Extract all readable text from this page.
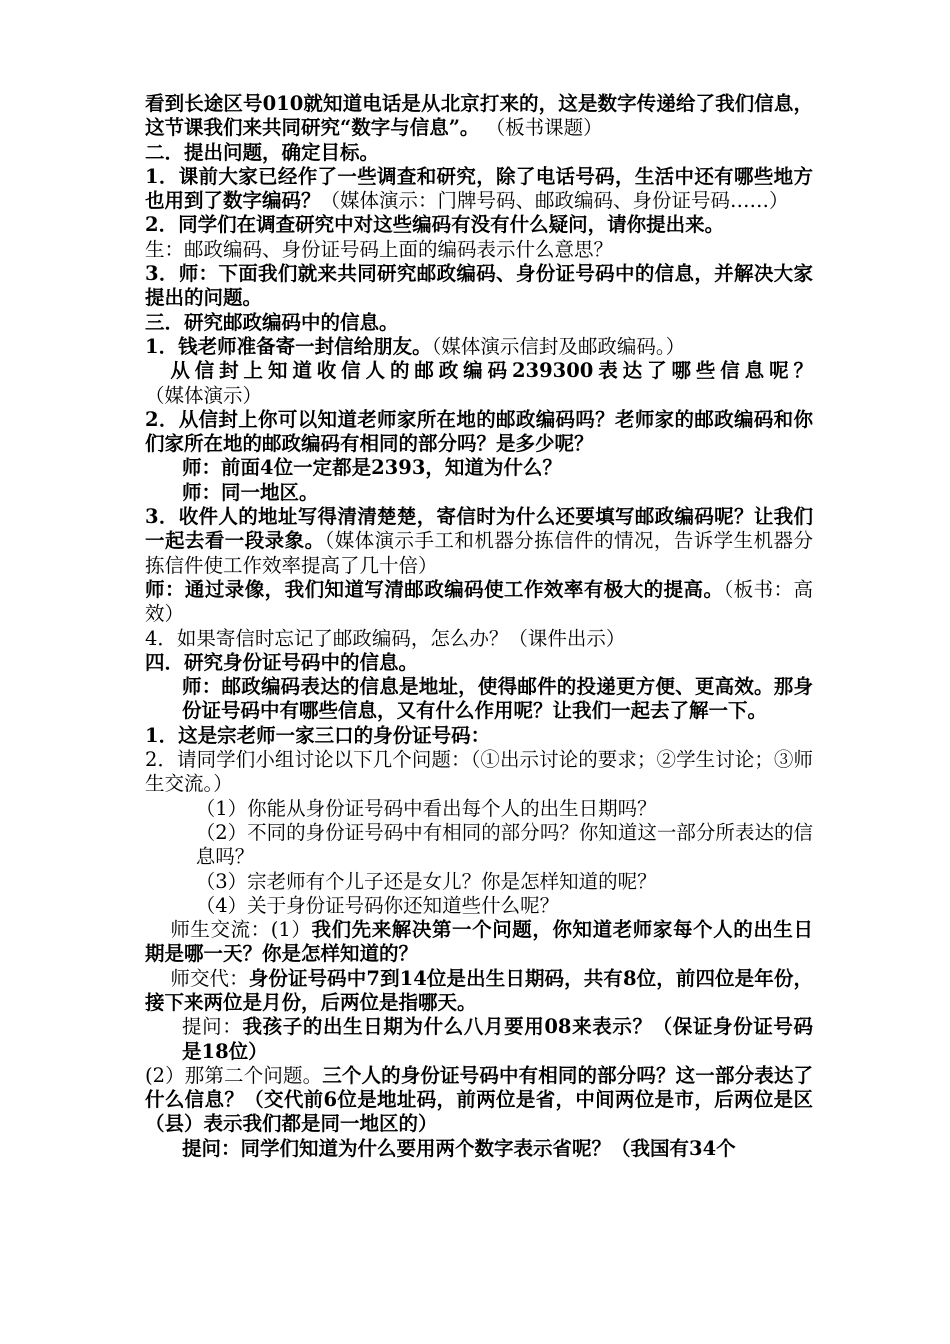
看到长途区号010就知道电话是从北京打来的，这是数字传递给了我们信息，这节课我们来共同研究“数字与信息”。 （板书课题）

二．提出问题，确定目标。

1．课前大家已经作了一些调查和研究，除了电话号码，生活中还有哪些地方也用到了数字编码？（媒体演示：门牌号码、邮政编码、身份证号码……）

2．同学们在调查研究中对这些编码有没有什么疑问，请你提出来。

生：邮政编码、身份证号码上面的编码表示什么意思？

3．师：下面我们就来共同研究邮政编码、身份证号码中的信息，并解决大家提出的问题。

三．研究邮政编码中的信息。

1．钱老师准备寄一封信给朋友。（媒体演示信封及邮政编码。）

从信封上知道收信人的邮政编码239300表达了哪些信息呢？（媒体演示）

2．从信封上你可以知道老师家所在地的邮政编码吗？老师家的邮政编码和你们家所在地的邮政编码有相同的部分吗？是多少呢？

师：前面4位一定都是2393，知道为什么？

师：同一地区。

3．收件人的地址写得清清楚楚，寄信时为什么还要填写邮政编码呢？让我们一起去看一段录象。（媒体演示手工和机器分拣信件的情况，告诉学生机器分拣信件使工作效率提高了几十倍）

师：通过录像，我们知道写清邮政编码使工作效率有极大的提高。（板书：高效）

4．如果寄信时忘记了邮政编码，怎么办？（课件出示）

四．研究身份证号码中的信息。

师：邮政编码表达的信息是地址，使得邮件的投递更方便、更高效。那身份证号码中有哪些信息，又有什么作用呢？让我们一起去了解一下。

1．这是宗老师一家三口的身份证号码：

2．请同学们小组讨论以下几个问题：（①出示讨论的要求；②学生讨论；③师生交流。）

（1）你能从身份证号码中看出每个人的出生日期吗？

（2）不同的身份证号码中有相同的部分吗？你知道这一部分所表达的信息吗？

（3）宗老师有个儿子还是女儿？你是怎样知道的呢？

（4）关于身份证号码你还知道些什么呢？

师生交流：(1）我们先来解决第一个问题，你知道老师家每个人的出生日期是哪一天？你是怎样知道的？

师交代：身份证号码中7到14位是出生日期码，共有8位，前四位是年份，接下来两位是月份，后两位是指哪天。

提问：我孩子的出生日期为什么八月要用08来表示？（保证身份证号码是18位）

(2）那第二个问题。三个人的身份证号码中有相同的部分吗？这一部分表达了什么信息？（交代前6位是地址码，前两位是省，中间两位是市，后两位是区（县）表示我们都是同一地区的）

提问：同学们知道为什么要用两个数字表示省呢？（我国有34个
